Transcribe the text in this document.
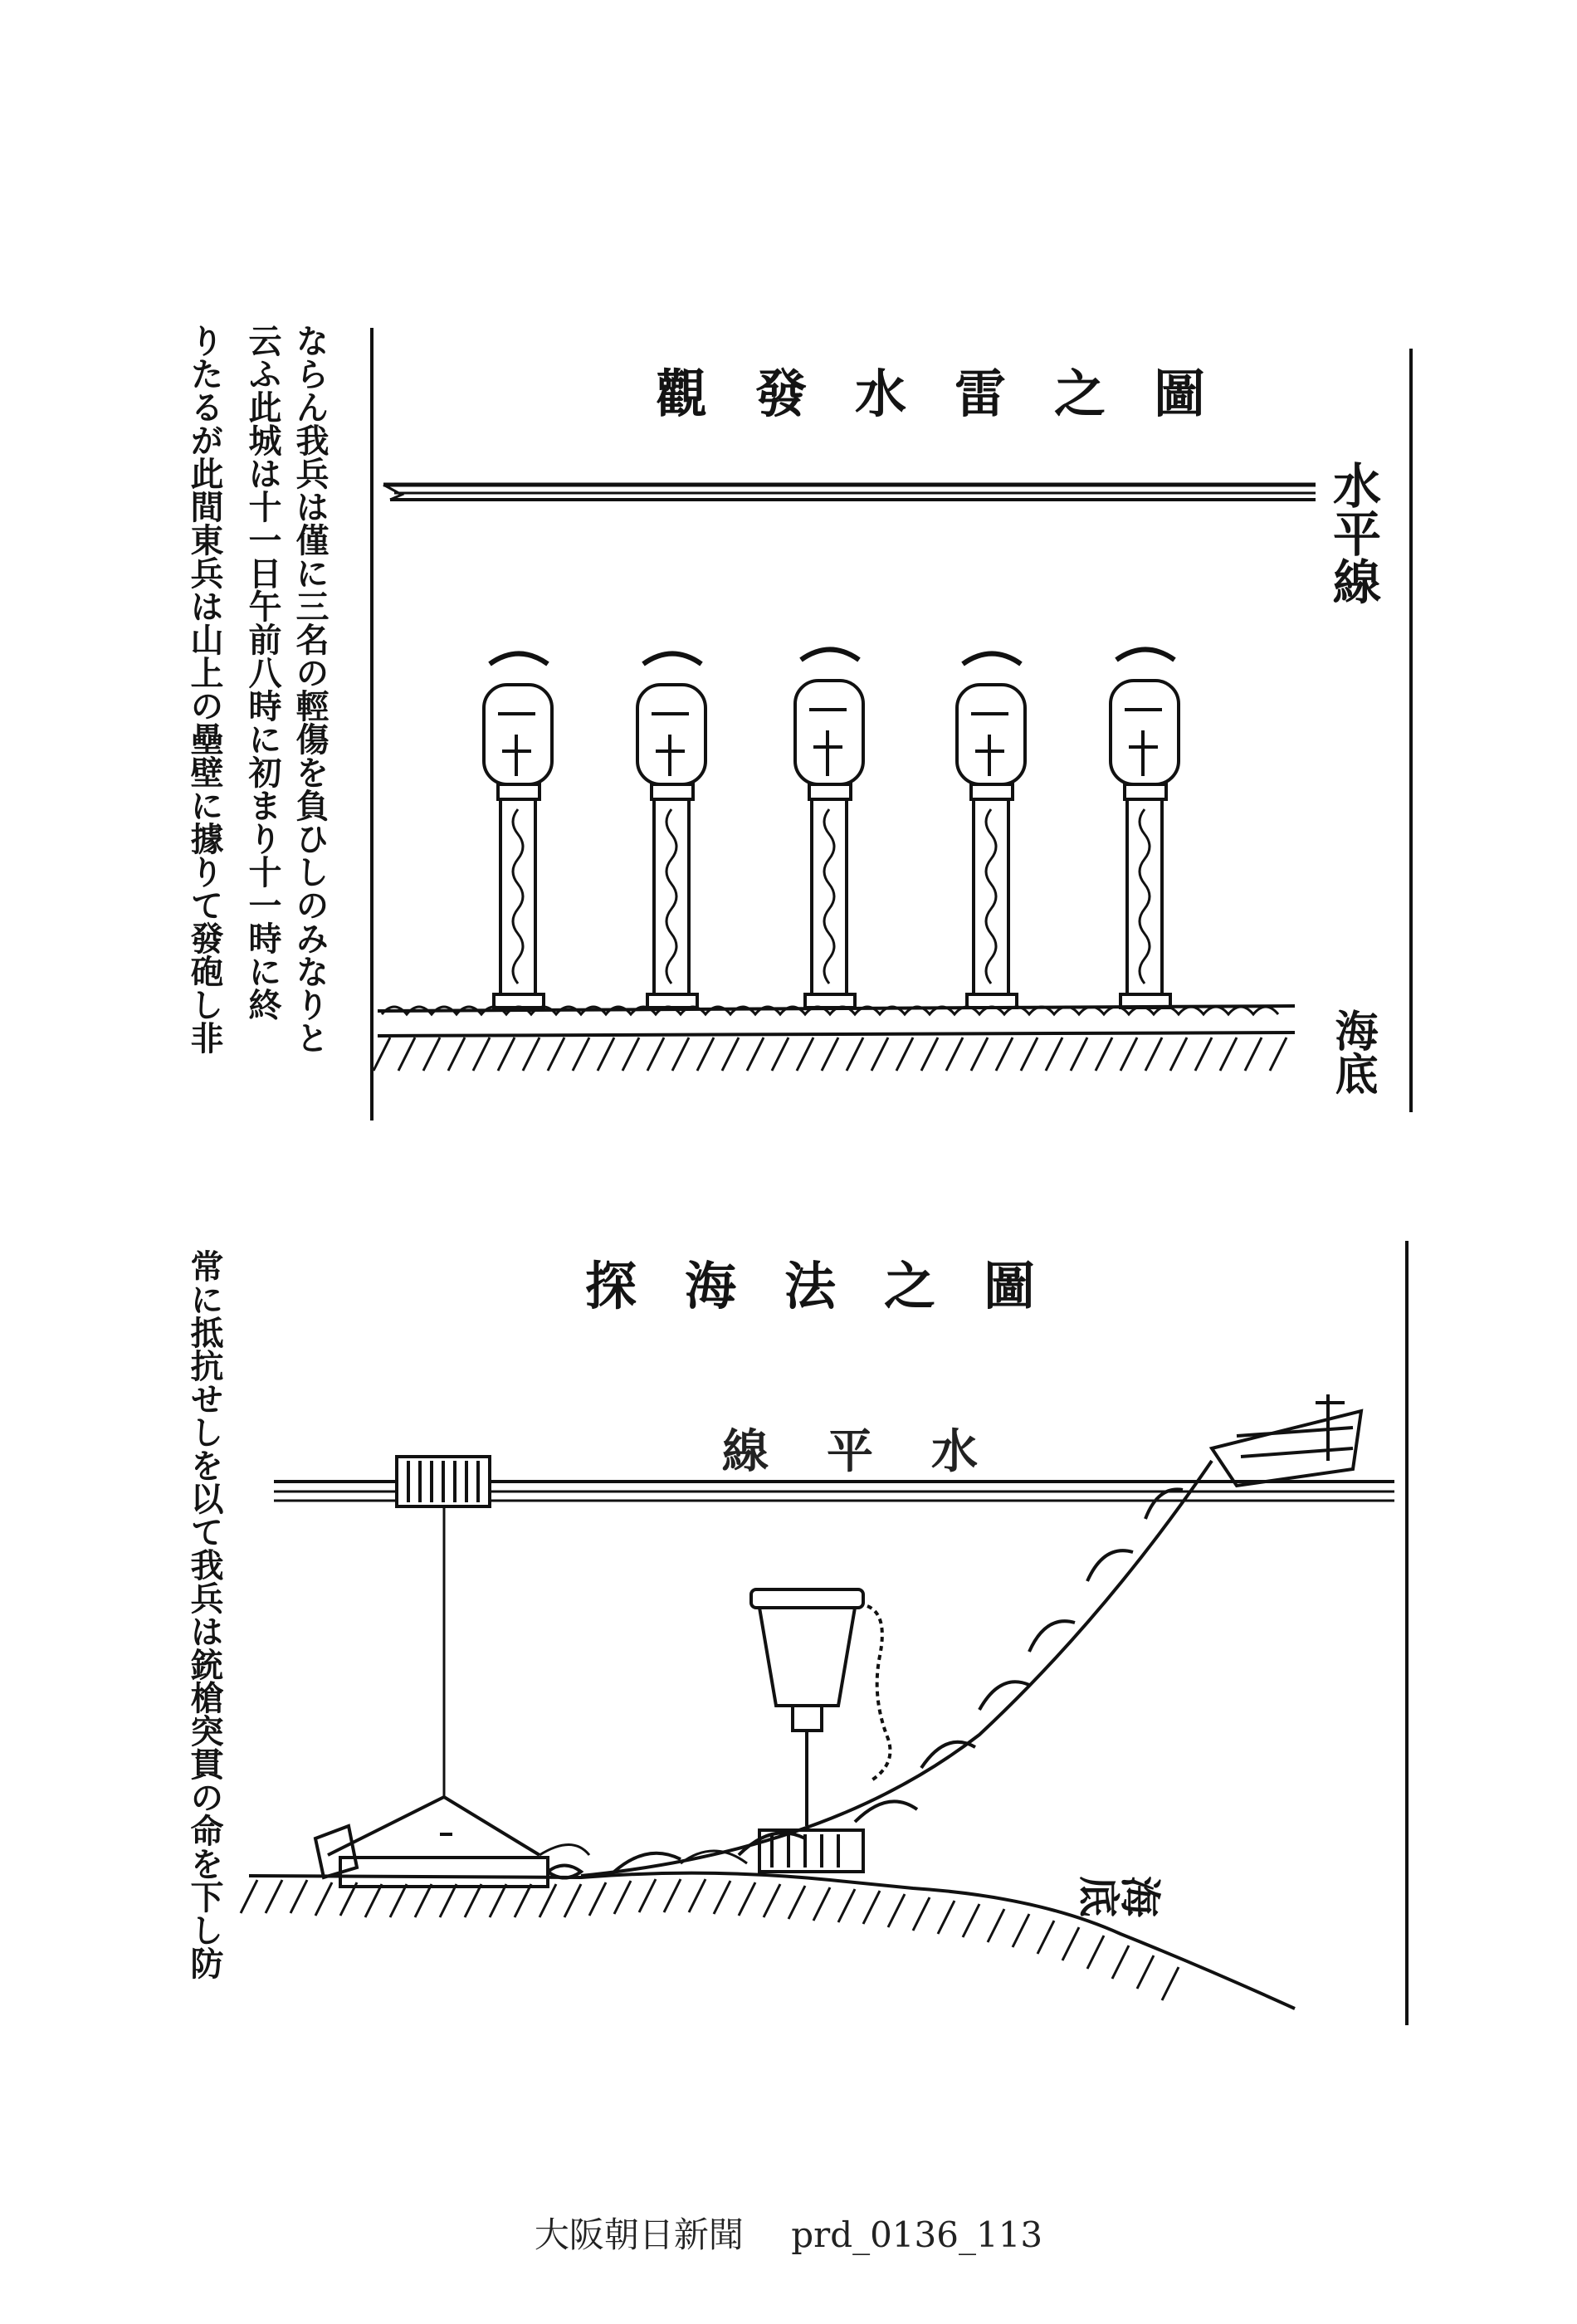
ならん我兵は僅に三名の輕傷を負ひしのみなりと
云ふ此城は十一日午前八時に初まり十一時に終
りたるが此間東兵は山上の壘壁に據りて發砲し非	觀發水雷之圖
水平線
海底
常に抵抗せしを以て我兵は銃槍突貫の命を下し防	探海法之圖
水平線
海底
大阪朝日新聞 prd_0136_113
